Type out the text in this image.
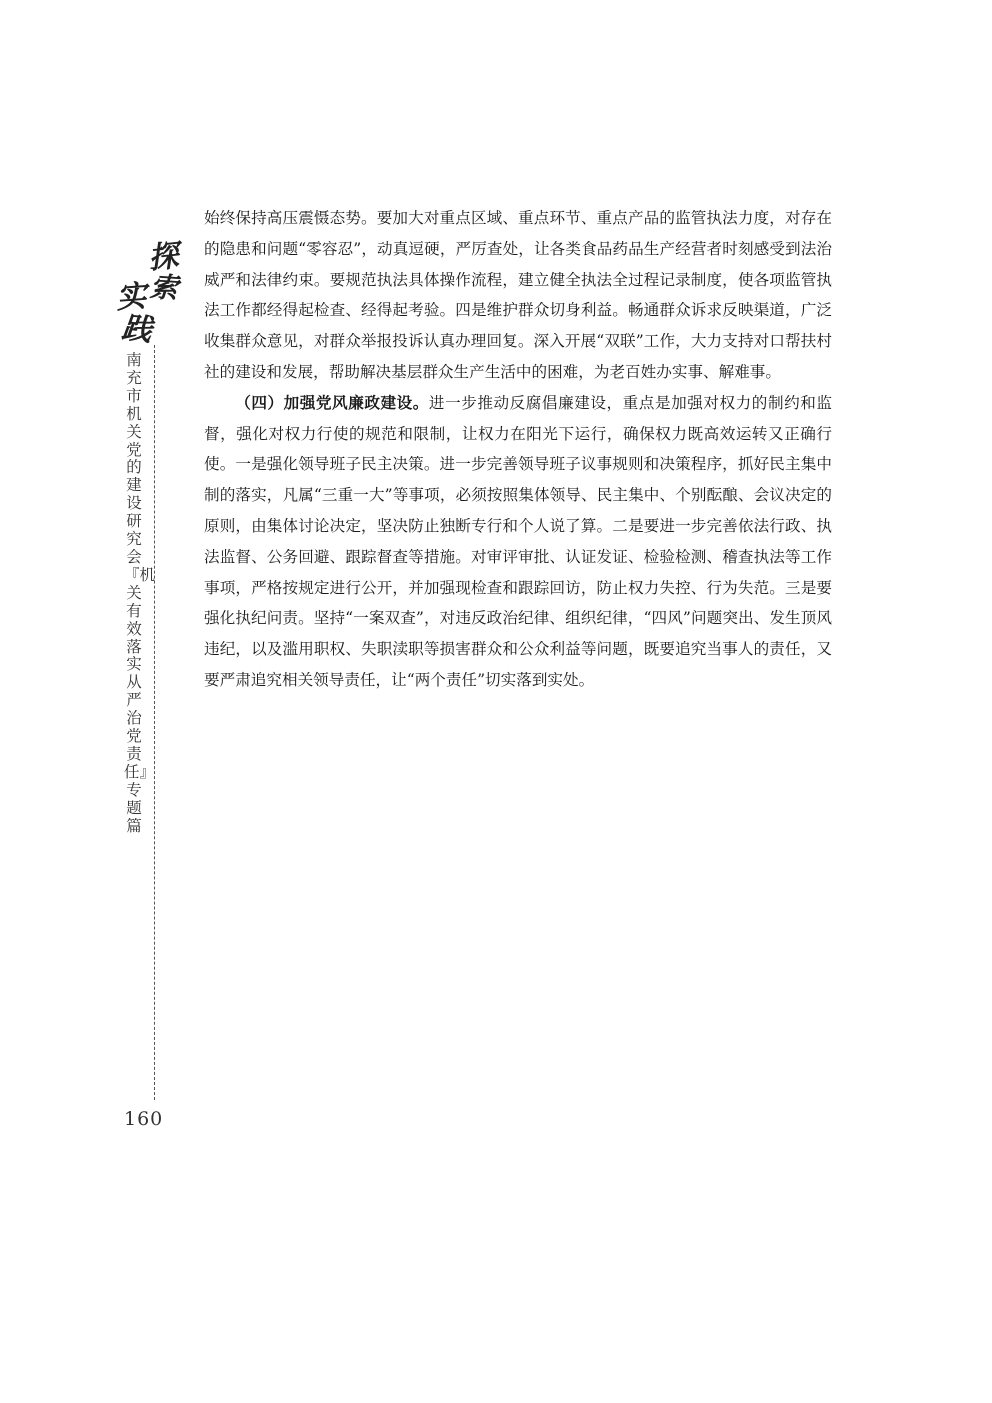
探
索
实
践
南充市机关党的建设研究会『机关有效落实从严治党责任』专题篇
160

始终保持高压震慑态势。要加大对重点区域、重点环节、重点产品的监管执法力度，对存在的隐患和问题“零容忍”，动真逗硬，严厉查处，让各类食品药品生产经营者时刻感受到法治威严和法律约束。要规范执法具体操作流程，建立健全执法全过程记录制度，使各项监管执法工作都经得起检查、经得起考验。四是维护群众切身利益。畅通群众诉求反映渠道，广泛收集群众意见，对群众举报投诉认真办理回复。深入开展“双联”工作，大力支持对口帮扶村社的建设和发展，帮助解决基层群众生产生活中的困难，为老百姓办实事、解难事。

（四）加强党风廉政建设。进一步推动反腐倡廉建设，重点是加强对权力的制约和监督，强化对权力行使的规范和限制，让权力在阳光下运行，确保权力既高效运转又正确行使。一是强化领导班子民主决策。进一步完善领导班子议事规则和决策程序，抓好民主集中制的落实，凡属“三重一大”等事项，必须按照集体领导、民主集中、个别酝酿、会议决定的原则，由集体讨论决定，坚决防止独断专行和个人说了算。二是要进一步完善依法行政、执法监督、公务回避、跟踪督查等措施。对审评审批、认证发证、检验检测、稽查执法等工作事项，严格按规定进行公开，并加强现检查和跟踪回访，防止权力失控、行为失范。三是要强化执纪问责。坚持“一案双查”，对违反政治纪律、组织纪律，“四风”问题突出、发生顶风违纪，以及滥用职权、失职渎职等损害群众和公众利益等问题，既要追究当事人的责任，又要严肃追究相关领导责任，让“两个责任”切实落到实处。
